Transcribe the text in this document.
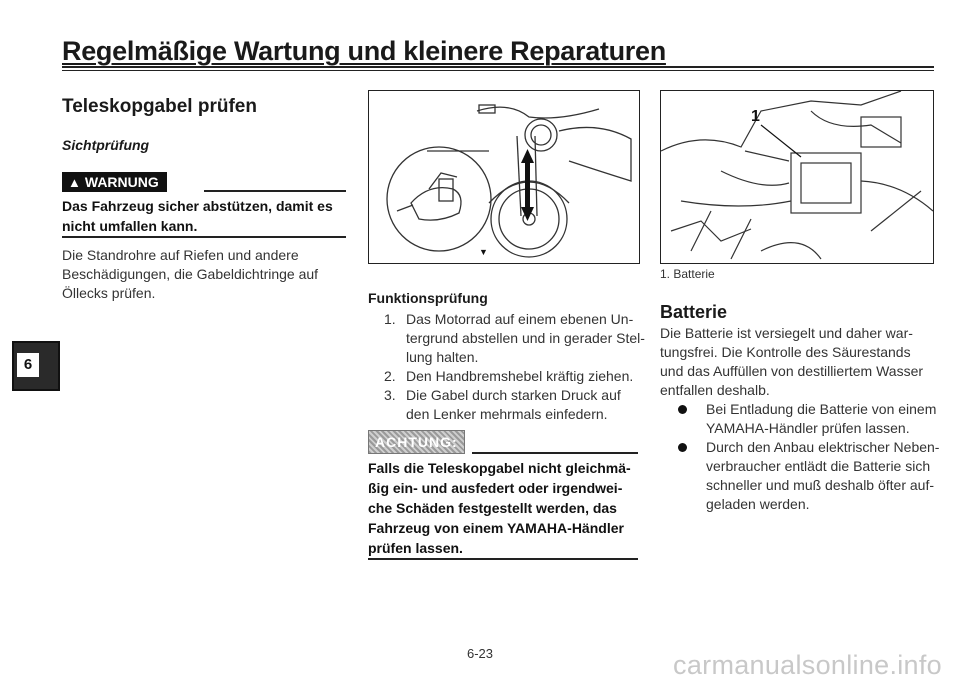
Regelmäßige Wartung und kleinere Reparaturen
6
Teleskopgabel prüfen
Sichtprüfung
▲ WARNUNG
Das Fahrzeug sicher abstützen, damit es
nicht umfallen kann.
Die Standrohre auf Riefen und andere
Beschädigungen, die Gabeldichtringe auf
Öllecks prüfen.
▼
Funktionsprüfung
1. Das Motorrad auf einem ebenen Un-
tergrund abstellen und in gerader Stel-
lung halten.
2. Den Handbremshebel kräftig ziehen.
3. Die Gabel durch starken Druck auf
den Lenker mehrmals einfedern.
ACHTUNG:
Falls die Teleskopgabel nicht gleichmä-
ßig ein- und ausfedert oder irgendwei-
che Schäden festgestellt werden, das
Fahrzeug von einem YAMAHA-Händler
prüfen lassen.
1
1. Batterie
Batterie
Die Batterie ist versiegelt und daher war-
tungsfrei. Die Kontrolle des Säurestands
und das Auffüllen von destilliertem Wasser
entfallen deshalb.
Bei Entladung die Batterie von einem
YAMAHA-Händler prüfen lassen.
Durch den Anbau elektrischer Neben-
verbraucher entlädt die Batterie sich
schneller und muß deshalb öfter auf-
geladen werden.
6-23	carmanualsonline.info
